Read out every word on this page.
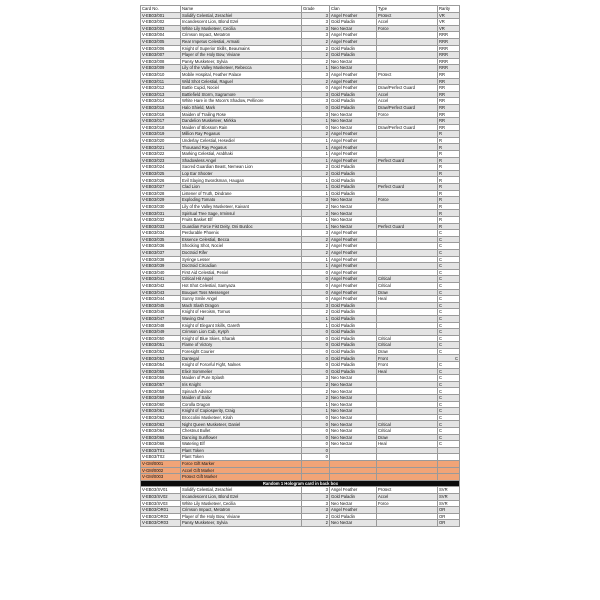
Card No.	Name	Grade	Clan	Type	Rarity
V-EB03/001	Solidify Celestial, Zerachiel	3	Angel Feather	Protect	VR
V-EB03/002	Incandescent Lion, Blond Ezel	3	Gold Paladin	Accel	VR
V-EB03/003	White Lily Musketeer, Cecilia	3	Neo Nectar	Force	VR
V-EB03/004	Crimson Impact, Metatron	3	Angel Feather		RRR
V-EB03/005	Rear Impetus Celestial, Armaiti	2	Angel Feather		RRR
V-EB03/006	Knight of Superior Skills, Beaumains	2	Gold Paladin		RRR
V-EB03/007	Player of the Holy Bow, Viviane	2	Gold Paladin		RRR
V-EB03/008	Pansy Musketeer, Sylvia	2	Neo Nectar		RRR
V-EB03/009	Lily of the Valley Musketeer, Rebecca	1	Neo Nectar		RRR
V-EB03/010	Mobile Hospital, Feather Palace	3	Angel Feather	Protect	RR
V-EB03/011	Wild Shot Celestial, Raguel	2	Angel Feather		RR
V-EB03/012	Battle Cupid, Nociel	0	Angel Feather	Draw/Perfect Guard	RR
V-EB03/013	Battlefield Storm, Sagramore	3	Gold Paladin	Accel	RR
V-EB03/014	White Hare in the Moon's Shadow, Pellinore	3	Gold Paladin	Accel	RR
V-EB03/015	Halo Shield, Mark	0	Gold Paladin	Draw/Perfect Guard	RR
V-EB03/016	Maiden of Trailing Rose	3	Neo Nectar	Force	RR
V-EB03/017	Dandelion Musketeer, Mirkka	1	Neo Nectar		RR
V-EB03/018	Maiden of Blossom Rain	0	Neo Nectar	Draw/Perfect Guard	RR
V-EB03/019	Million Ray Pegasus	2	Angel Feather		R
V-EB03/020	Underlay Celestial, Hesediel	1	Angel Feather		R
V-EB03/021	Thousand Ray Pegasus	1	Angel Feather		R
V-EB03/022	Marking Celestial, Arabhaki	1	Angel Feather		R
V-EB03/023	Shadowless Angel	1	Angel Feather	Perfect Guard	R
V-EB03/024	Sacred Guardian Beast, Nemean Lion	2	Gold Paladin		R
V-EB03/025	Lop Ear Shooter	2	Gold Paladin		R
V-EB03/026	Evil Slaying Swordsman, Haugan	1	Gold Paladin		R
V-EB03/027	Clad Lion	1	Gold Paladin	Perfect Guard	R
V-EB03/028	Listener of Truth, Dindrane	1	Gold Paladin		R
V-EB03/029	Exploding Tomato	3	Neo Nectar	Force	R
V-EB03/030	Lily of the Valley Musketeer, Kaivant	2	Neo Nectar		R
V-EB03/031	Spiritual Tree Sage, Irminsul	2	Neo Nectar		R
V-EB03/032	Fruits Basket Elf	1	Neo Nectar		R
V-EB03/033	Guardian Force Fist Deity, Oni Burdoc	1	Neo Nectar	Perfect Guard	R
V-EB03/034	Perdurable Phoenix	3	Angel Feather		C
V-EB03/035	Essence Celestial, Becca	2	Angel Feather		C
V-EB03/036	Shocking Shot, Nociel	2	Angel Feather		C
V-EB03/037	Doctroid Rifer	2	Angel Feather		C
V-EB03/038	Syringe Lesser	1	Angel Feather		C
V-EB03/039	Doctroid Circadian	1	Angel Feather		C
V-EB03/040	First Aid Celestial, Peniel	0	Angel Feather		C
V-EB03/041	Critical Hit Angel	0	Angel Feather	Critical	C
V-EB03/042	Hot Shot Celestial, Samyaza	0	Angel Feather	Critical	C
V-EB03/043	Bouquet Toss Messenger	0	Angel Feather	Draw	C
V-EB03/044	Sunny Smile Angel	0	Angel Feather	Heal	C
V-EB03/045	Mach Slash Dragon	3	Gold Paladin		C
V-EB03/046	Knight of Heroism, Tornus	2	Gold Paladin		C
V-EB03/047	Waving Owl	1	Gold Paladin		C
V-EB03/048	Knight of Elegant Skills, Gareth	1	Gold Paladin		C
V-EB03/049	Crimson Lion Cub, Kyrph	0	Gold Paladin		C
V-EB03/050	Knight of Blue Skies, Sharak	0	Gold Paladin	Critical	C
V-EB03/051	Flame of Victory	0	Gold Paladin	Critical	C
V-EB03/052	Foresight Courier	0	Gold Paladin	Draw	C
V-EB03/053	Dantegal	0	Gold Paladin	Front	C
V-EB03/054	Knight of Forceful Fight, Nalnes	0	Gold Paladin	Front	C
V-EB03/055	Elixir Sommelier	0	Gold Paladin	Heal	C
V-EB03/056	Maiden of Pure Splash	3	Neo Nectar		C
V-EB03/057	Iris Knight	2	Neo Nectar		C
V-EB03/058	Spinach Advisor	2	Neo Nectar		C
V-EB03/059	Maiden of Salix	2	Neo Nectar		C
V-EB03/060	Corolla Dragon	1	Neo Nectar		C
V-EB03/061	Knight of Copiosperity, Craig	1	Neo Nectar		C
V-EB03/062	Broccolini Musketeer, Kirah	0	Neo Nectar		C
V-EB03/063	Night Queen Musketeer, Daniel	0	Neo Nectar	Critical	C
V-EB03/064	Chestnut Bullet	0	Neo Nectar	Critical	C
V-EB03/065	Dancing Sunflower	0	Neo Nectar	Draw	C
V-EB03/066	Watering Elf	0	Neo Nectar	Heal	C
V-EB03/T01	Plant Token	0			
V-EB03/T02	Plant Token	0			
V-GM/0001	Force Gift Marker				
V-GM/0002	Accel Gift Marker				
V-GM/0003	Protect Gift Marker				
Random 1 Hologram card in back box					
V-EB03/SV01	Solidify Celestial, Zerachiel	3	Angel Feather	Protect	SVR
V-EB03/SV02	Incandescent Lion, Blond Ezel	3	Gold Paladin	Accel	SVR
V-EB03/SV03	White Lily Musketeer, Cecilia	3	Neo Nectar	Force	SVR
V-EB03/OR01	Crimson Impact, Metatron	3	Angel Feather		OR
V-EB03/OR02	Player of the Holy Bow, Viviane	2	Gold Paladin		OR
V-EB03/OR03	Pansy Musketeer, Sylvia	2	Neo Nectar		OR
